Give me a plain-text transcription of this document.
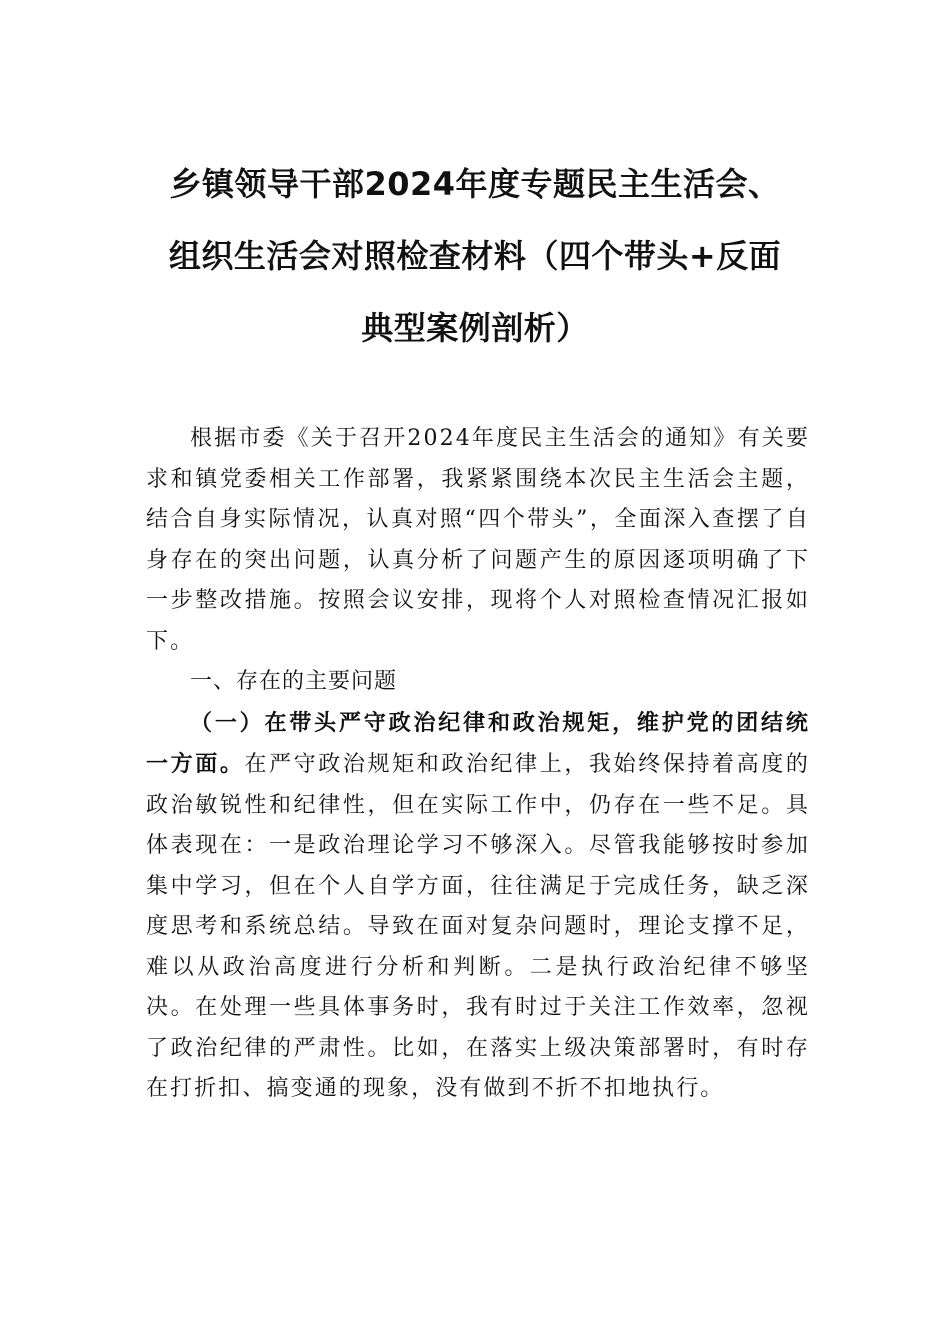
乡镇领导干部2024年度专题民主生活会、
组织生活会对照检查材料（四个带头+反面
典型案例剖析）

根据市委《关于召开2024年度民主生活会的通知》有关要求和镇党委相关工作部署，我紧紧围绕本次民主生活会主题，结合自身实际情况，认真对照“四个带头”，全面深入查摆了自身存在的突出问题，认真分析了问题产生的原因逐项明确了下一步整改措施。按照会议安排，现将个人对照检查情况汇报如下。

一、存在的主要问题

（一）在带头严守政治纪律和政治规矩，维护党的团结统一方面。在严守政治规矩和政治纪律上，我始终保持着高度的政治敏锐性和纪律性，但在实际工作中，仍存在一些不足。具体表现在：一是政治理论学习不够深入。尽管我能够按时参加集中学习，但在个人自学方面，往往满足于完成任务，缺乏深度思考和系统总结。导致在面对复杂问题时，理论支撑不足，难以从政治高度进行分析和判断。二是执行政治纪律不够坚决。在处理一些具体事务时，我有时过于关注工作效率，忽视了政治纪律的严肃性。比如，在落实上级决策部署时，有时存在打折扣、搞变通的现象，没有做到不折不扣地执行。
